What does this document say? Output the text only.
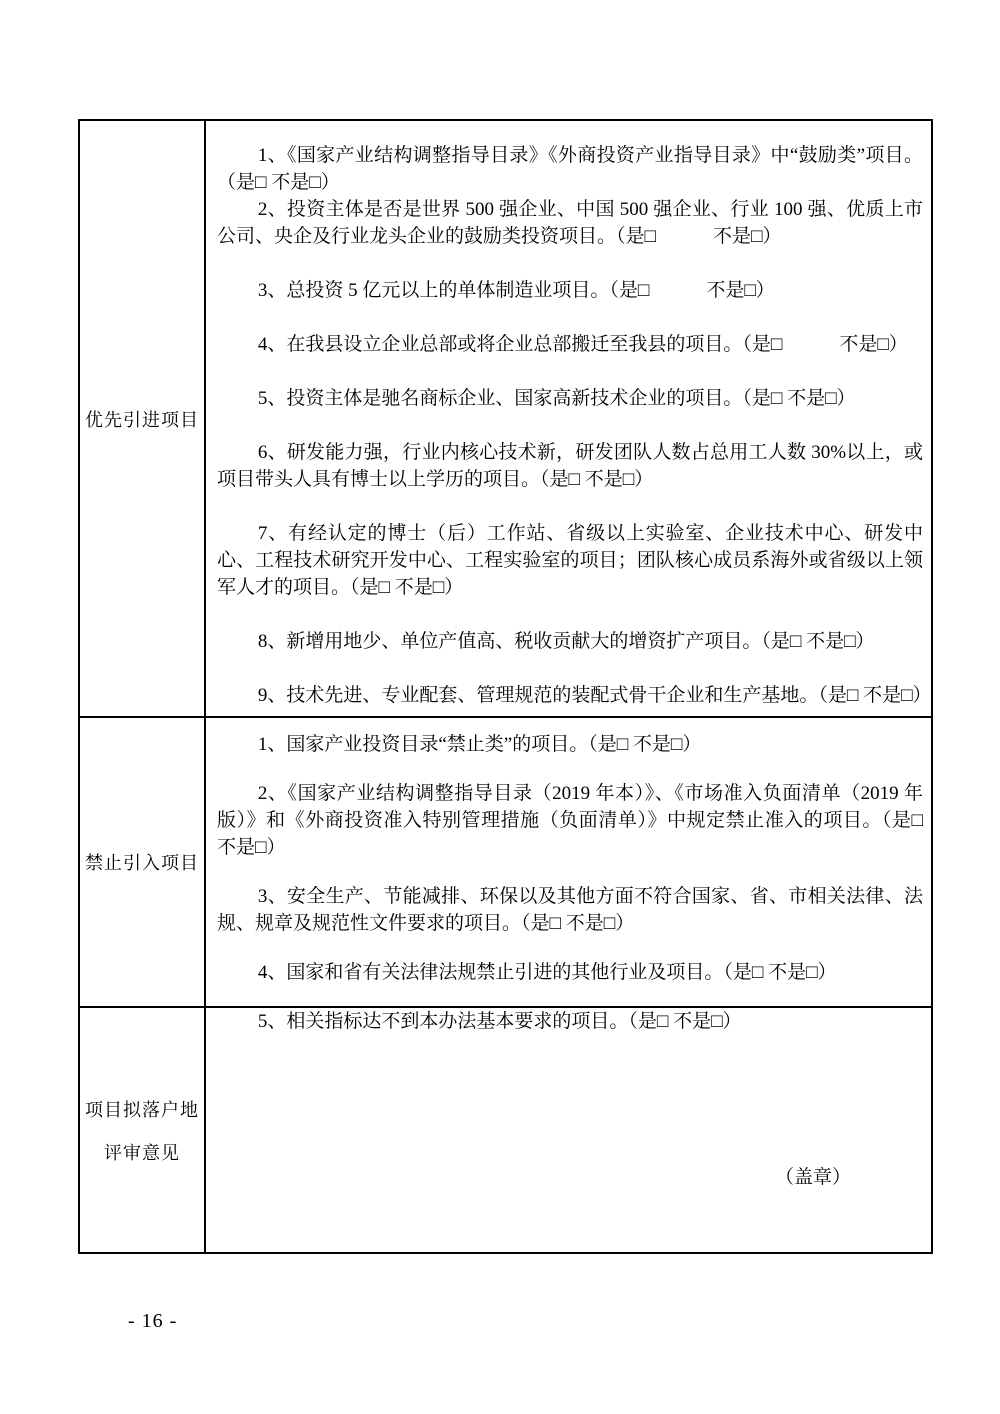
优先引进项目

1、《国家产业结构调整指导目录》《外商投资产业指导目录》中“鼓励类”项目。（是□ 不是□）

2、投资主体是否是世界 500 强企业、中国 500 强企业、行业 100 强、优质上市公司、央企及行业龙头企业的鼓励类投资项目。（是□　　　不是□）

3、总投资 5 亿元以上的单体制造业项目。（是□　　　不是□）

4、在我县设立企业总部或将企业总部搬迁至我县的项目。（是□　　　不是□）

5、投资主体是驰名商标企业、国家高新技术企业的项目。（是□ 不是□）

6、研发能力强，行业内核心技术新，研发团队人数占总用工人数 30%以上，或项目带头人具有博士以上学历的项目。（是□ 不是□）

7、有经认定的博士（后）工作站、省级以上实验室、企业技术中心、研发中心、工程技术研究开发中心、工程实验室的项目；团队核心成员系海外或省级以上领军人才的项目。（是□ 不是□）

8、新增用地少、单位产值高、税收贡献大的增资扩产项目。（是□ 不是□）

9、技术先进、专业配套、管理规范的装配式骨干企业和生产基地。（是□ 不是□）

禁止引入项目

1、国家产业投资目录“禁止类”的项目。（是□ 不是□）

2、《国家产业结构调整指导目录（2019 年本）》、《市场准入负面清单（2019 年版）》和《外商投资准入特别管理措施（负面清单）》中规定禁止准入的项目。（是□ 不是□）

3、安全生产、节能减排、环保以及其他方面不符合国家、省、市相关法律、法规、规章及规范性文件要求的项目。（是□ 不是□）

4、国家和省有关法律法规禁止引进的其他行业及项目。（是□ 不是□）

5、相关指标达不到本办法基本要求的项目。（是□ 不是□）

项目拟落户地
评审意见
（盖章）
- 16 -
